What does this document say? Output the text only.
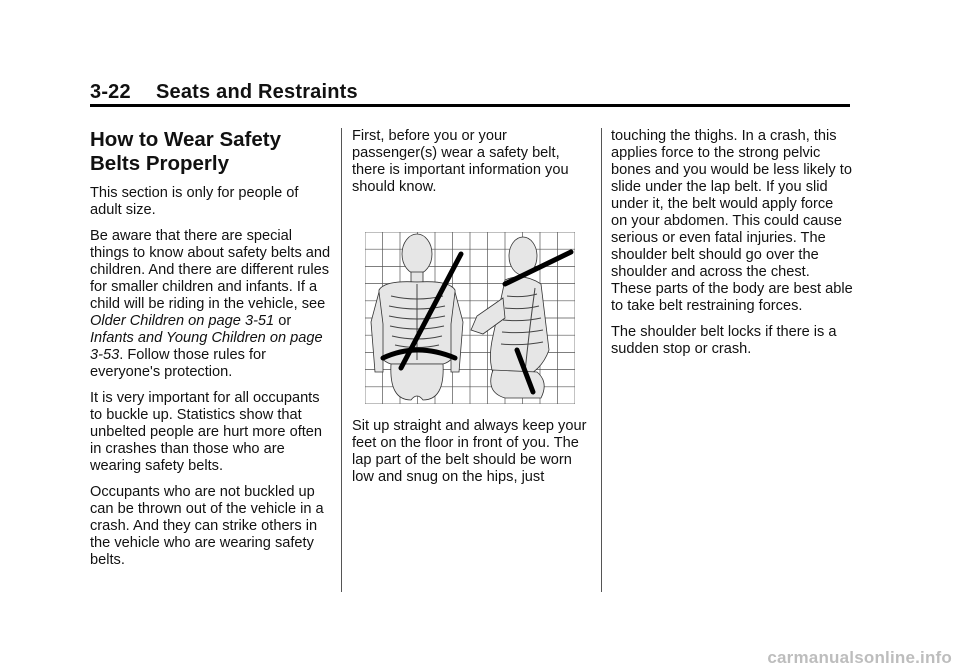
3-22 Seats and Restraints
How to Wear Safety Belts Properly

This section is only for people of adult size.

Be aware that there are special things to know about safety belts and children. And there are different rules for smaller children and infants. If a child will be riding in the vehicle, see Older Children on page 3-51 or Infants and Young Children on page 3-53. Follow those rules for everyone's protection.

It is very important for all occupants to buckle up. Statistics show that unbelted people are hurt more often in crashes than those who are wearing safety belts.

Occupants who are not buckled up can be thrown out of the vehicle in a crash. And they can strike others in the vehicle who are wearing safety belts.

First, before you or your passenger(s) wear a safety belt, there is important information you should know.

Sit up straight and always keep your feet on the floor in front of you. The lap part of the belt should be worn low and snug on the hips, just

touching the thighs. In a crash, this applies force to the strong pelvic bones and you would be less likely to slide under the lap belt. If you slid under it, the belt would apply force on your abdomen. This could cause serious or even fatal injuries. The shoulder belt should go over the shoulder and across the chest. These parts of the body are best able to take belt restraining forces.

The shoulder belt locks if there is a sudden stop or crash.

carmanualsonline.info
